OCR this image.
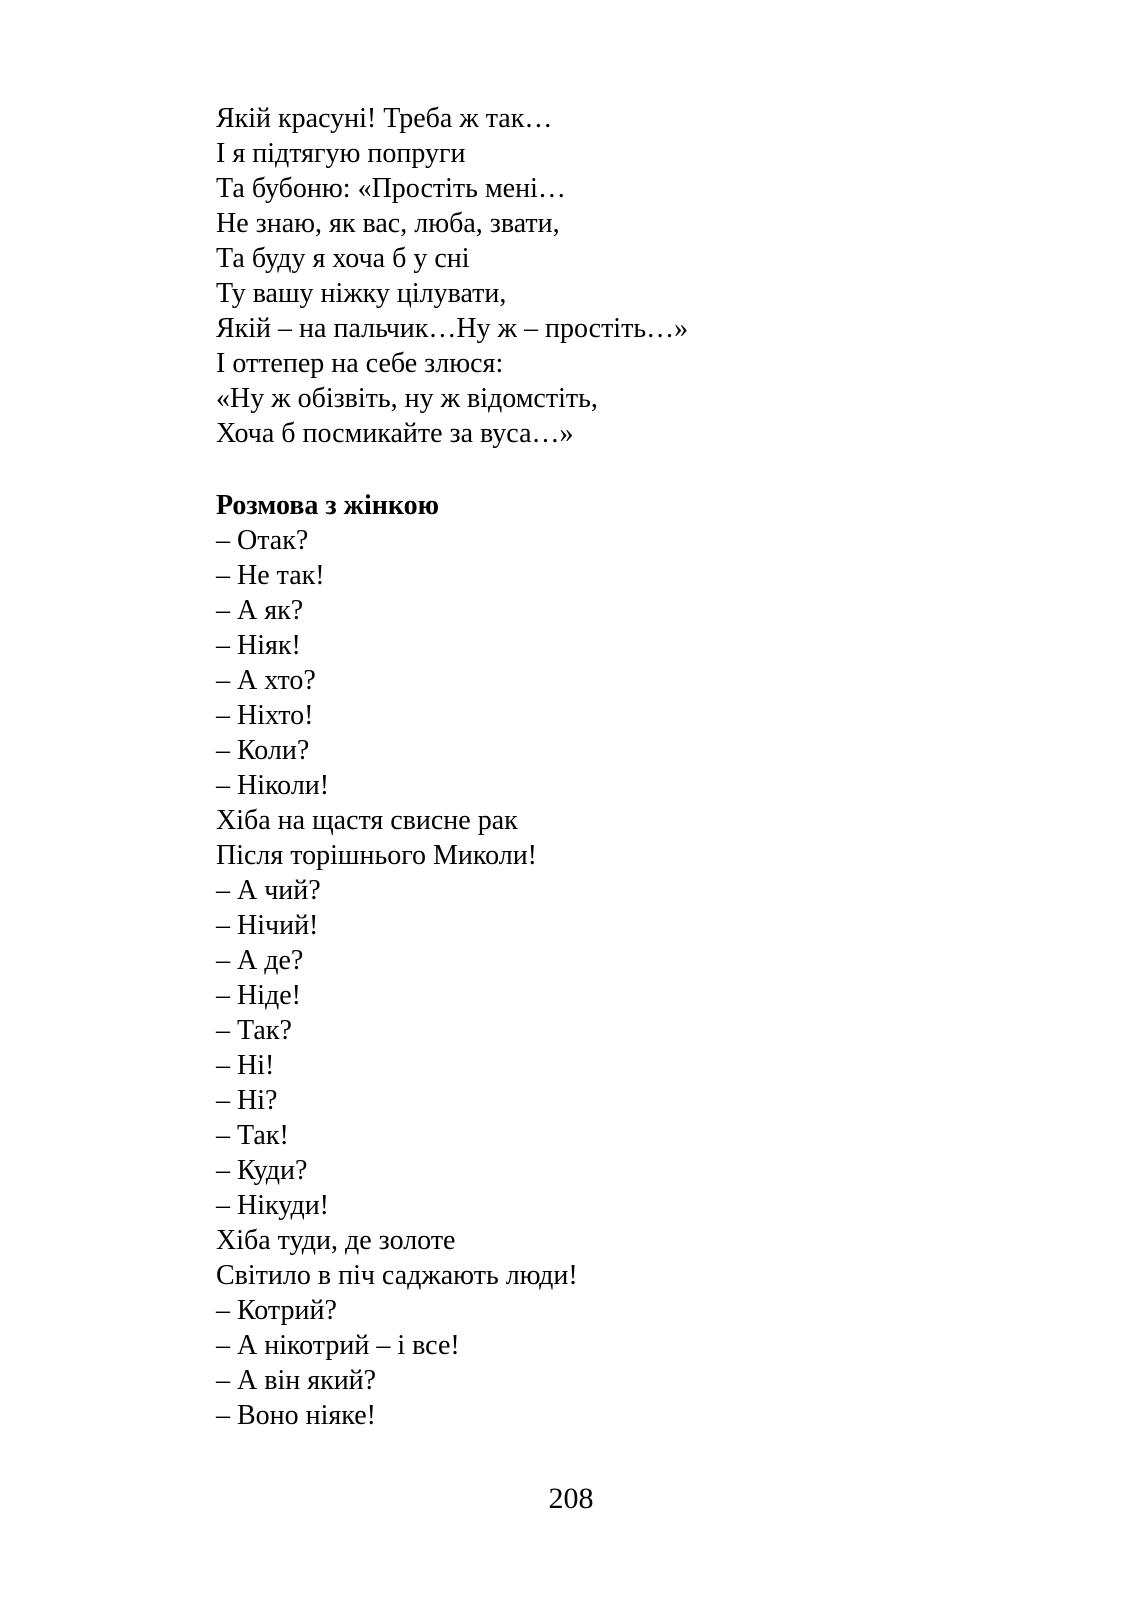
Якій красуні! Треба ж так…
І я підтягую попруги
Та бубоню: «Простіть мені…
Не знаю, як вас, люба, звати,
Та буду я хоча б у сні
Ту вашу ніжку цілувати,
Якій – на пальчик…Ну ж – простіть…»
І оттепер на себе злюся:
«Ну ж обізвіть, ну ж відомстіть,
Хоча б посмикайте за вуса…»
Розмова з жінкою
– Отак?
– Не так!
– А як?
– Ніяк!
– А хто?
– Ніхто!
– Коли?
– Ніколи!
Хіба на щастя свисне рак
Після торішнього Миколи!
– А чий?
– Нічий!
– А де?
– Ніде!
– Так?
– Ні!
– Ні?
– Так!
– Куди?
– Нікуди!
Хіба туди, де золоте
Світило в піч саджають люди!
– Котрий?
– А нікотрий – і все!
– А він який?
– Воно ніяке!
208
